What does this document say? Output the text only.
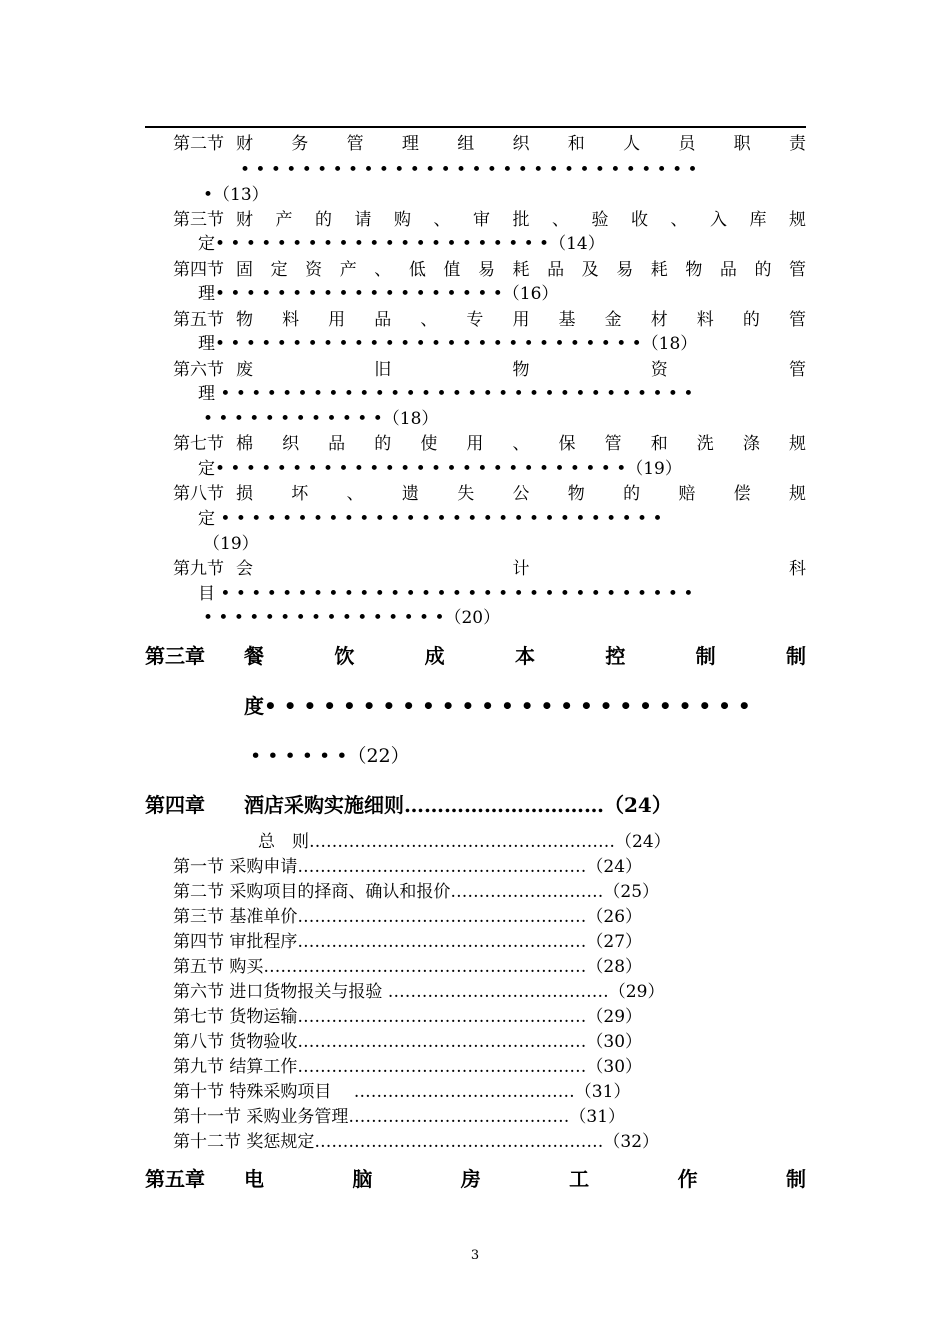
第二节 财 务 管 理 组 织 和 人 员 职 责
• • • • • • • • • • • • • • • • • • • • • • • • • • • • • •
•（13）
第三节 财 产 的 请 购 、 审 批 、 验 收 、 入 库 规
定• • • • • • • • • • • • • • • • • • • • • •（14）
第四节 固 定 资 产 、 低 值 易 耗 品 及 易 耗 物 品 的 管
理• • • • • • • • • • • • • • • • • • •（16）
第五节 物 料 用 品 、 专 用 基 金 材 料 的 管
理• • • • • • • • • • • • • • • • • • • • • • • • • • • •（18）
第六节 废	旧	物	资	管
理 • • • • • • • • • • • • • • • • • • • • • • • • • • • • • • •
• • • • • • • • • • • •（18）
第七节 棉 织 品 的 使 用 、 保 管 和 洗 涤 规
定• • • • • • • • • • • • • • • • • • • • • • • • • • •（19）
第八节 损 坏 、 遗 失 公 物 的 赔 偿 规
定 • • • • • • • • • • • • • • • • • • • • • • • • • • • • •
（19）
第九节 会	计	科
目 • • • • • • • • • • • • • • • • • • • • • • • • • • • • • • •
• • • • • • • • • • • • • • • •（20）
第三章 餐	饮	成	本	控	制	制
度• • • • • • • • • • • • • • • • • • • • • • • • •
• • • • • •（22）
第四章 酒店采购实施细则…………………………（24）
总　则………………………………………………（24）
第一节 采购申请……………………………………………（24）
第二节 采购项目的择商、确认和报价………………………（25）
第三节 基准单价……………………………………………（26）
第四节 审批程序……………………………………………（27）
第五节 购买…………………………………………………（28）
第六节 进口货物报关与报验 …………………………………（29）
第七节 货物运输……………………………………………（29）
第八节 货物验收……………………………………………（30）
第九节 结算工作……………………………………………（30）
第十节 特殊采购项目　 …………………………………（31）
第十一节 采购业务管理…………………………………（31）
第十二节 奖惩规定……………………………………………（32）
第五章 电	脑	房	工	作	制
3
